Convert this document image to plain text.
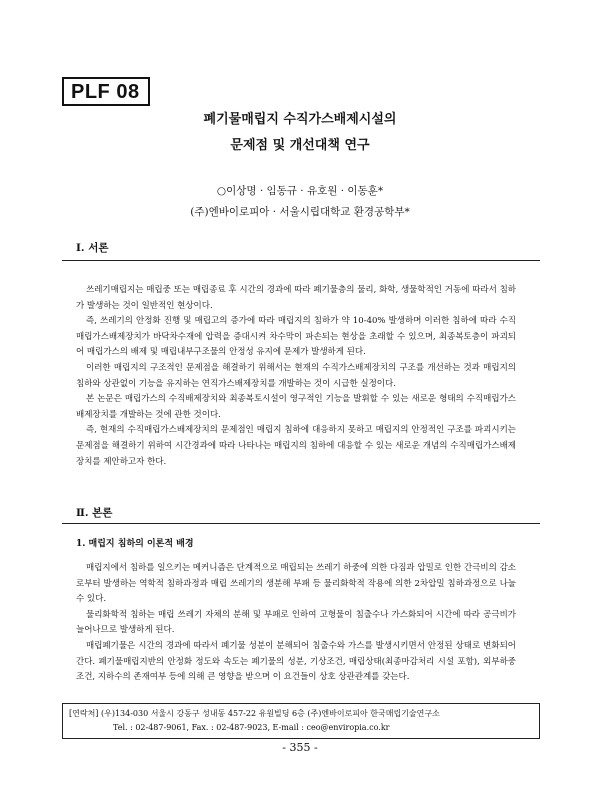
PLF 08
폐기물매립지 수직가스배제시설의
문제점 및 개선대책 연구
○이상명 · 임동규 · 유호원 · 이동훈*
(주)엔바이로피아 · 서울시립대학교 환경공학부*
Ⅰ. 서론

쓰레기매립지는 매립중 또는 매립종료 후 시간의 경과에 따라 폐기물층의 물리, 화학, 생물학적인 거동에 따라서 침하가 발생하는 것이 일반적인 현상이다.

즉, 쓰레기의 안정화 진행 및 매립고의 증가에 따라 매립지의 침하가 약 10-40% 발생하며 이러한 침하에 따라 수직매립가스배제장치가 바닥차수재에 압력을 증대시켜 차수막이 파손되는 현상을 초래할 수 있으며, 최종복토층이 파괴되어 매립가스의 배제 및 매립내부구조물의 안정성 유지에 문제가 발생하게 된다.

이러한 매립지의 구조적인 문제점을 해결하기 위해서는 현재의 수직가스배제장치의 구조를 개선하는 것과 매립지의 침하와 상관없이 기능을 유지하는 연직가스배제장치를 개발하는 것이 시급한 실정이다.

본 논문은 매립가스의 수직배제장치와 최종복토시설이 영구적인 기능을 발휘할 수 있는 새로운 형태의 수직매립가스배제장치를 개발하는 것에 관한 것이다.

즉, 현재의 수직매립가스배제장치의 문제점인 매립지 침하에 대응하지 못하고 매립지의 안정적인 구조를 파괴시키는 문제점을 해결하기 위하여 시간경과에 따라 나타나는 매립지의 침하에 대응할 수 있는 새로운 개념의 수직매립가스배제장치를 제안하고자 한다.

Ⅱ. 본론
1. 매립지 침하의 이론적 배경

매립지에서 침하를 일으키는 메커니즘은 단계적으로 매립되는 쓰레기 하중에 의한 다짐과 압밀로 인한 간극비의 감소로부터 발생하는 역학적 침하과정과 매립 쓰레기의 생분해 부패 등 물리화학적 작용에 의한 2차압밀 침하과정으로 나눌 수 있다.

물리화학적 침하는 매립 쓰레기 자체의 분해 및 부패로 인하여 고형물이 침출수나 가스화되어 시간에 따라 공극비가 늘어나므로 발생하게 된다.

매립폐기물은 시간의 경과에 따라서 폐기물 성분이 분해되어 침출수와 가스를 발생시키면서 안정된 상태로 변화되어간다. 폐기물매립지반의 안정화 정도와 속도는 폐기물의 성분, 기상조건, 매립상태(최종마감처리 시설 포함), 외부하중조건, 지하수의 존재여부 등에 의해 큰 영향을 받으며 이 요건들이 상호 상관관계를 갖는다.

[연락처] (우)134-030 서울시 강동구 성내동 457-22 유원빌딩 6층 (주)엔바이로피아 한국매립기술연구소
Tel. : 02-487-9061, Fax. : 02-487-9023, E-mail : ceo@enviropia.co.kr
- 355 -
